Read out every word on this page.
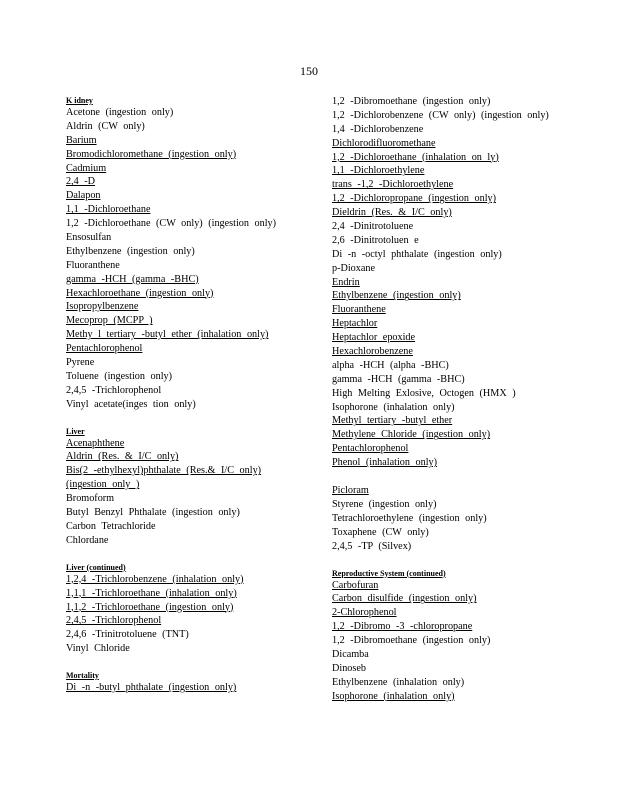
150
K idney
Acetone (ingestion only)
Aldrin (CW only)
Barium
Bromodichloromethane (ingestion only)
Cadmium
2,4 -D
Dalapon
1,1 -Dichloroethane
1,2 -Dichloroethane (CW only) (ingestion only)
Ensosulfan
Ethylbenzene (ingestion only)
Fluoranthene
gamma -HCH (gamma -BHC)
Hexachloroethane (ingestion only)
Isopropylbenzene
Mecoprop (MCPP )
Methy l tertiary -butyl ether (inhalation only)
Pentachlorophenol
Pyrene
Toluene (ingestion only)
2,4,5 -Trichlorophenol
Vinyl acetate(inges tion only)
Liver
Acenaphthene
Aldrin (Res. & I/C only)
Bis(2 -ethylhexyl)phthalate (Res.& I/C only)
(ingestion only )
Bromoform
Butyl Benzyl Phthalate (ingestion only)
Carbon Tetrachloride
Chlordane
Liver (continued)
1,2,4 -Trichlorobenzene (inhalation only)
1,1,1 -Trichloroethane (inhalation only)
1,1,2 -Trichloroethane (ingestion only)
2,4,5 -Trichlorophenol
2,4,6 -Trinitrotoluene (TNT)
Vinyl Chloride
Mortality
Di -n -butyl phthalate (ingestion only)
1,2 -Dibromoethane (ingestion only)
1,2 -Dichlorobenzene (CW only) (ingestion only)
1,4 -Dichlorobenzene
Dichlorodifluoromethane
1,2 -Dichloroethane (inhalation on ly)
1,1 -Dichloroethylene
trans -1,2 -Dichloroethylene
1,2 -Dichloropropane (ingestion only)
Dieldrin (Res. & I/C only)
2,4 -Dinitrotoluene
2,6 -Dinitrotoluen e
Di -n -octyl phthalate (ingestion only)
p-Dioxane
Endrin
Ethylbenzene (ingestion only)
Fluoranthene
Heptachlor
Heptachlor epoxide
Hexachlorobenzene
alpha -HCH (alpha -BHC)
gamma -HCH (gamma -BHC)
High Melting Exlosive, Octogen (HMX )
Isophorone (inhalation only)
Methyl tertiary -butyl ether
Methylene Chloride (ingestion only)
Pentachlorophenol
Phenol (inhalation only)
Picloram
Styrene (ingestion only)
Tetrachloroethylene (ingestion only)
Toxaphene (CW only)
2,4,5 -TP (Silvex)
Reproductive System (continued)
Carbofuran
Carbon disulfide (ingestion only)
2-Chlorophenol
1,2 -Dibromo -3 -chloropropane
1,2 -Dibromoethane (ingestion only)
Dicamba
Dinoseb
Ethylbenzene (inhalation only)
Isophorone (inhalation only)
